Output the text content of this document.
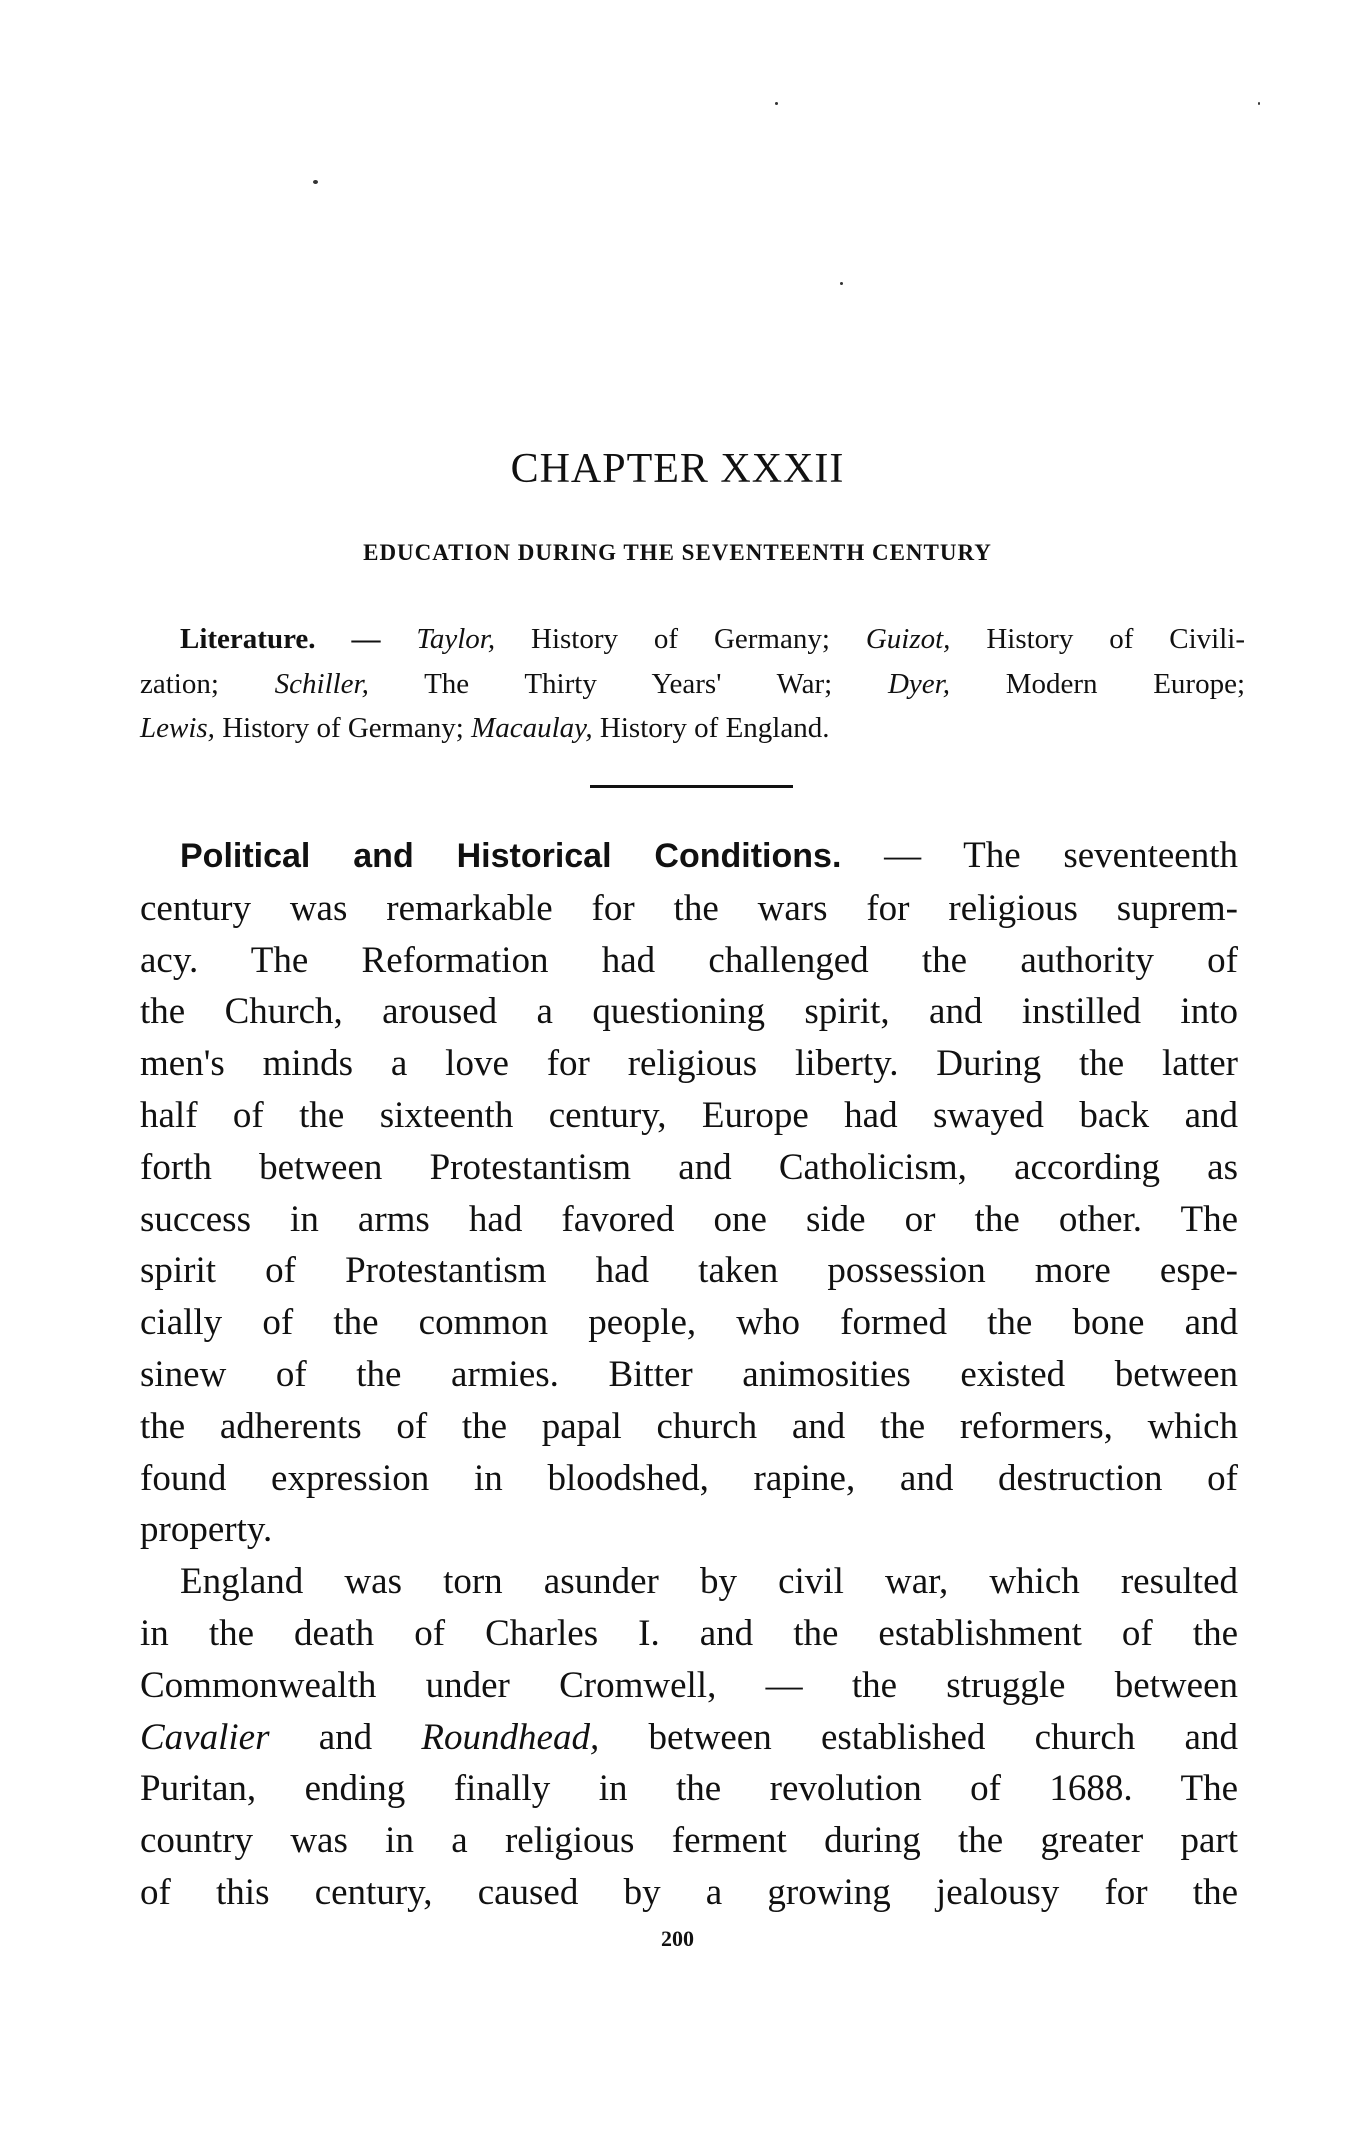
CHAPTER XXXII
EDUCATION DURING THE SEVENTEENTH CENTURY
Literature. — Taylor, History of Germany; Guizot, History of Civili-
zation; Schiller, The Thirty Years' War; Dyer, Modern Europe;
Lewis, History of Germany; Macaulay, History of England.
Political and Historical Conditions. — The seventeenth
century was remarkable for the wars for religious suprem-
acy. The Reformation had challenged the authority of
the Church, aroused a questioning spirit, and instilled into
men's minds a love for religious liberty. During the latter
half of the sixteenth century, Europe had swayed back and
forth between Protestantism and Catholicism, according as
success in arms had favored one side or the other. The
spirit of Protestantism had taken possession more espe-
cially of the common people, who formed the bone and
sinew of the armies. Bitter animosities existed between
the adherents of the papal church and the reformers, which
found expression in bloodshed, rapine, and destruction of
property.
England was torn asunder by civil war, which resulted
in the death of Charles I. and the establishment of the
Commonwealth under Cromwell, — the struggle between
Cavalier and Roundhead, between established church and
Puritan, ending finally in the revolution of 1688. The
country was in a religious ferment during the greater part
of this century, caused by a growing jealousy for the
200
